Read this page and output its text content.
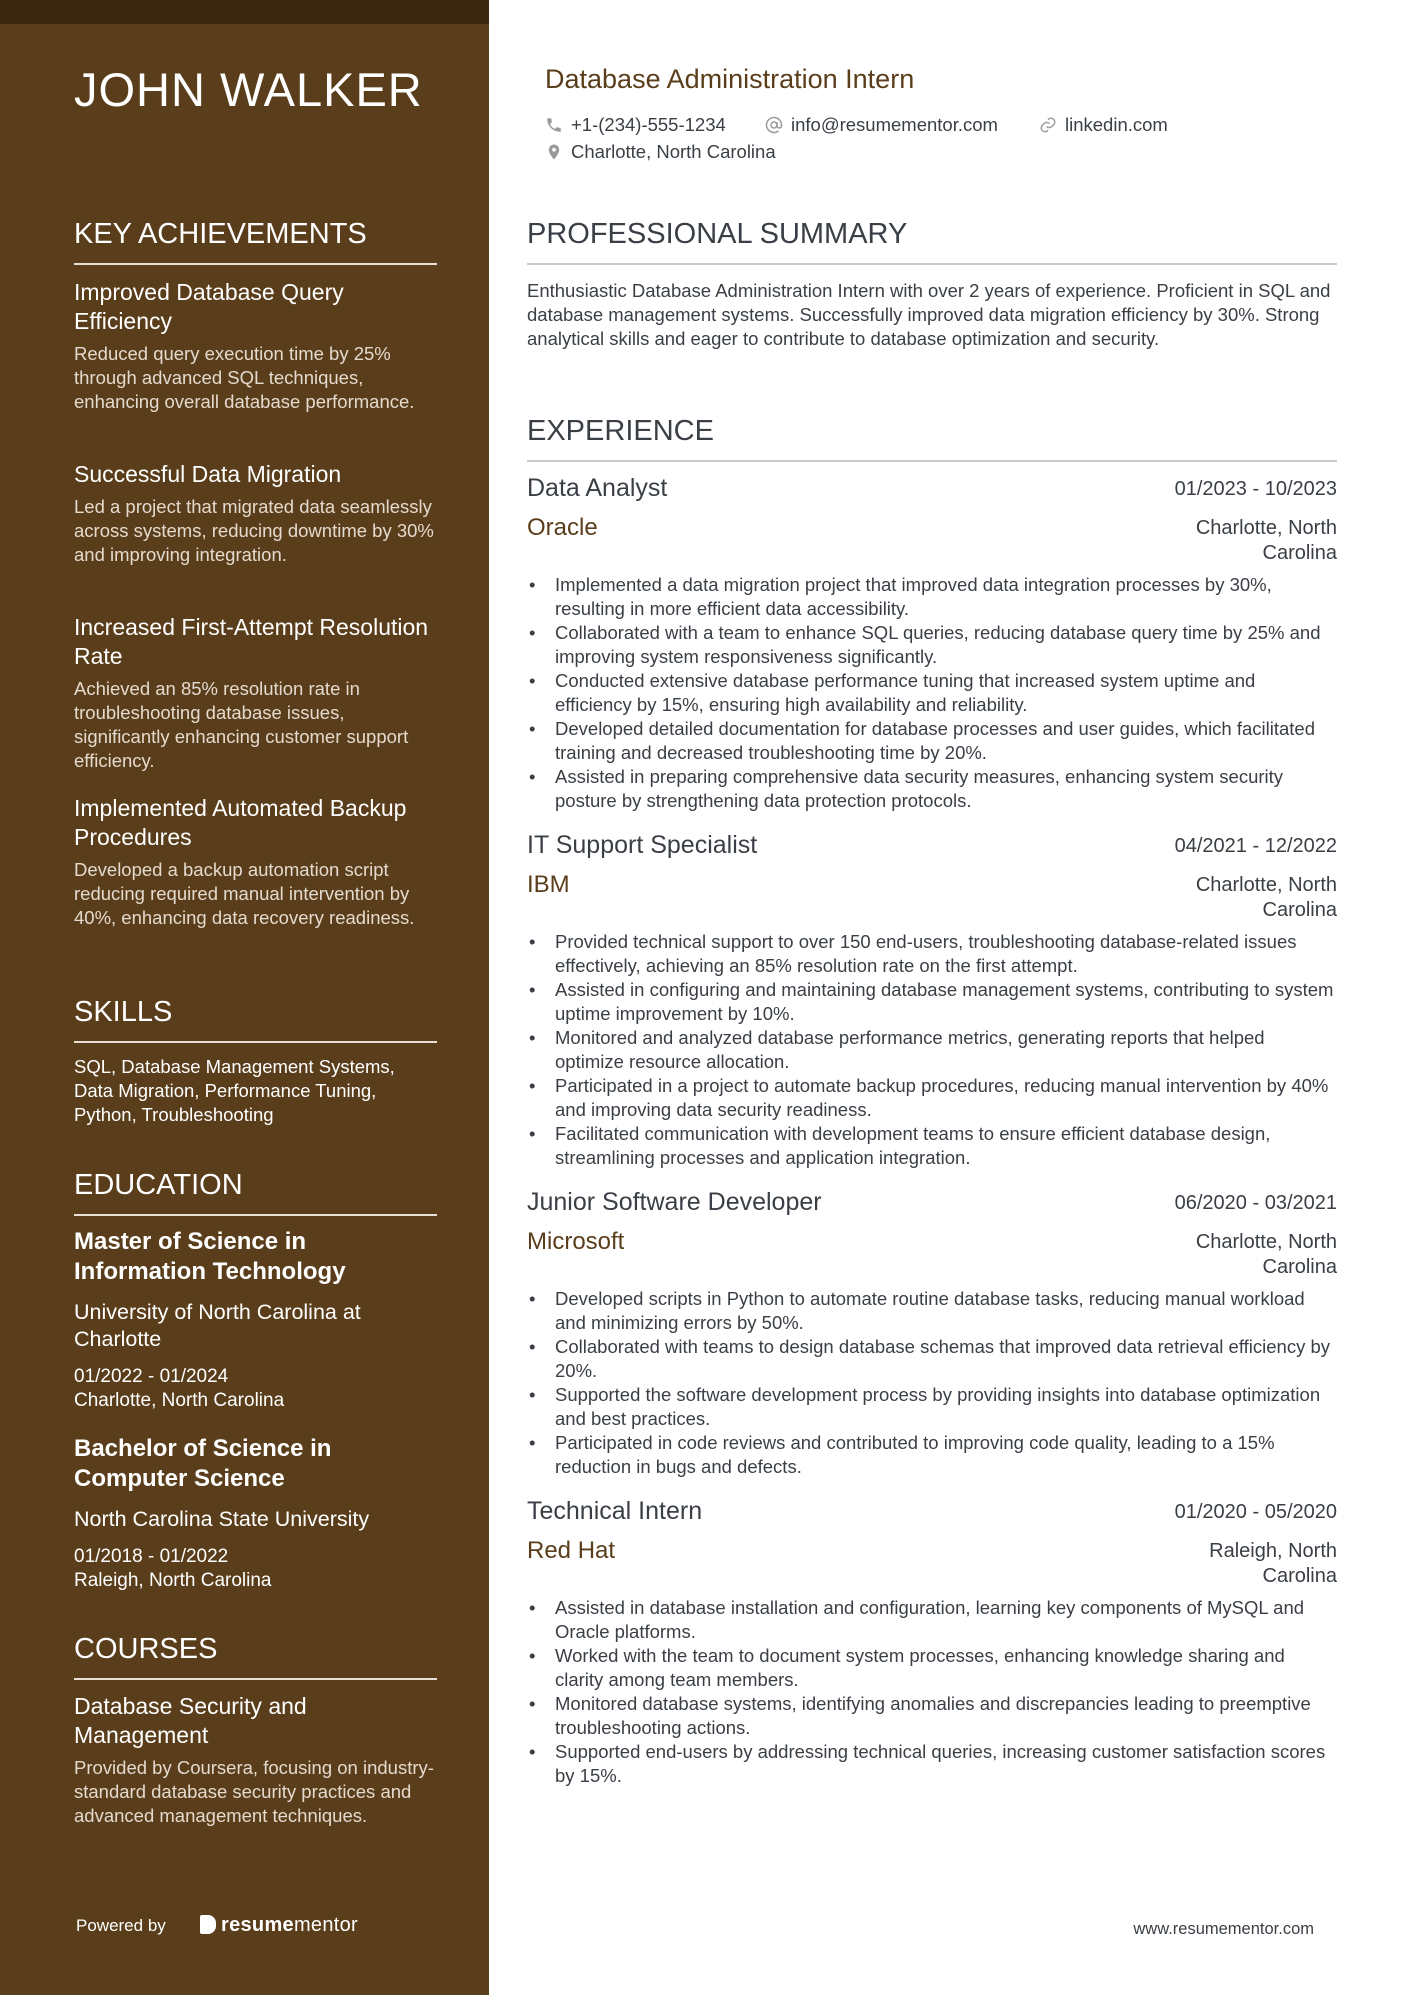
JOHN WALKER
KEY ACHIEVEMENTS
Improved Database Query Efficiency
Reduced query execution time by 25% through advanced SQL techniques, enhancing overall database performance.
Successful Data Migration
Led a project that migrated data seamlessly across systems, reducing downtime by 30% and improving integration.
Increased First-Attempt Resolution Rate
Achieved an 85% resolution rate in troubleshooting database issues, significantly enhancing customer support efficiency.
Implemented Automated Backup Procedures
Developed a backup automation script reducing required manual intervention by 40%, enhancing data recovery readiness.
SKILLS
SQL, Database Management Systems, Data Migration, Performance Tuning, Python, Troubleshooting
EDUCATION
Master of Science in Information Technology
University of North Carolina at Charlotte
01/2022 - 01/2024
Charlotte, North Carolina
Bachelor of Science in Computer Science
North Carolina State University
01/2018 - 01/2022
Raleigh, North Carolina
COURSES
Database Security and Management
Provided by Coursera, focusing on industry-standard database security practices and advanced management techniques.
Powered by	resumementor
Database Administration Intern
+1-(234)-555-1234	info@resumementor.com	linkedin.com
Charlotte, North Carolina
PROFESSIONAL SUMMARY
Enthusiastic Database Administration Intern with over 2 years of experience. Proficient in SQL and database management systems. Successfully improved data migration efficiency by 30%. Strong analytical skills and eager to contribute to database optimization and security.
EXPERIENCE
Data Analyst	01/2023 - 10/2023
Oracle	Charlotte, North Carolina
• Implemented a data migration project that improved data integration processes by 30%, resulting in more efficient data accessibility.
• Collaborated with a team to enhance SQL queries, reducing database query time by 25% and improving system responsiveness significantly.
• Conducted extensive database performance tuning that increased system uptime and efficiency by 15%, ensuring high availability and reliability.
• Developed detailed documentation for database processes and user guides, which facilitated training and decreased troubleshooting time by 20%.
• Assisted in preparing comprehensive data security measures, enhancing system security posture by strengthening data protection protocols.
IT Support Specialist	04/2021 - 12/2022
IBM	Charlotte, North Carolina
• Provided technical support to over 150 end-users, troubleshooting database-related issues effectively, achieving an 85% resolution rate on the first attempt.
• Assisted in configuring and maintaining database management systems, contributing to system uptime improvement by 10%.
• Monitored and analyzed database performance metrics, generating reports that helped optimize resource allocation.
• Participated in a project to automate backup procedures, reducing manual intervention by 40% and improving data security readiness.
• Facilitated communication with development teams to ensure efficient database design, streamlining processes and application integration.
Junior Software Developer	06/2020 - 03/2021
Microsoft	Charlotte, North Carolina
• Developed scripts in Python to automate routine database tasks, reducing manual workload and minimizing errors by 50%.
• Collaborated with teams to design database schemas that improved data retrieval efficiency by 20%.
• Supported the software development process by providing insights into database optimization and best practices.
• Participated in code reviews and contributed to improving code quality, leading to a 15% reduction in bugs and defects.
Technical Intern	01/2020 - 05/2020
Red Hat	Raleigh, North Carolina
• Assisted in database installation and configuration, learning key components of MySQL and Oracle platforms.
• Worked with the team to document system processes, enhancing knowledge sharing and clarity among team members.
• Monitored database systems, identifying anomalies and discrepancies leading to preemptive troubleshooting actions.
• Supported end-users by addressing technical queries, increasing customer satisfaction scores by 15%.
www.resumementor.com
